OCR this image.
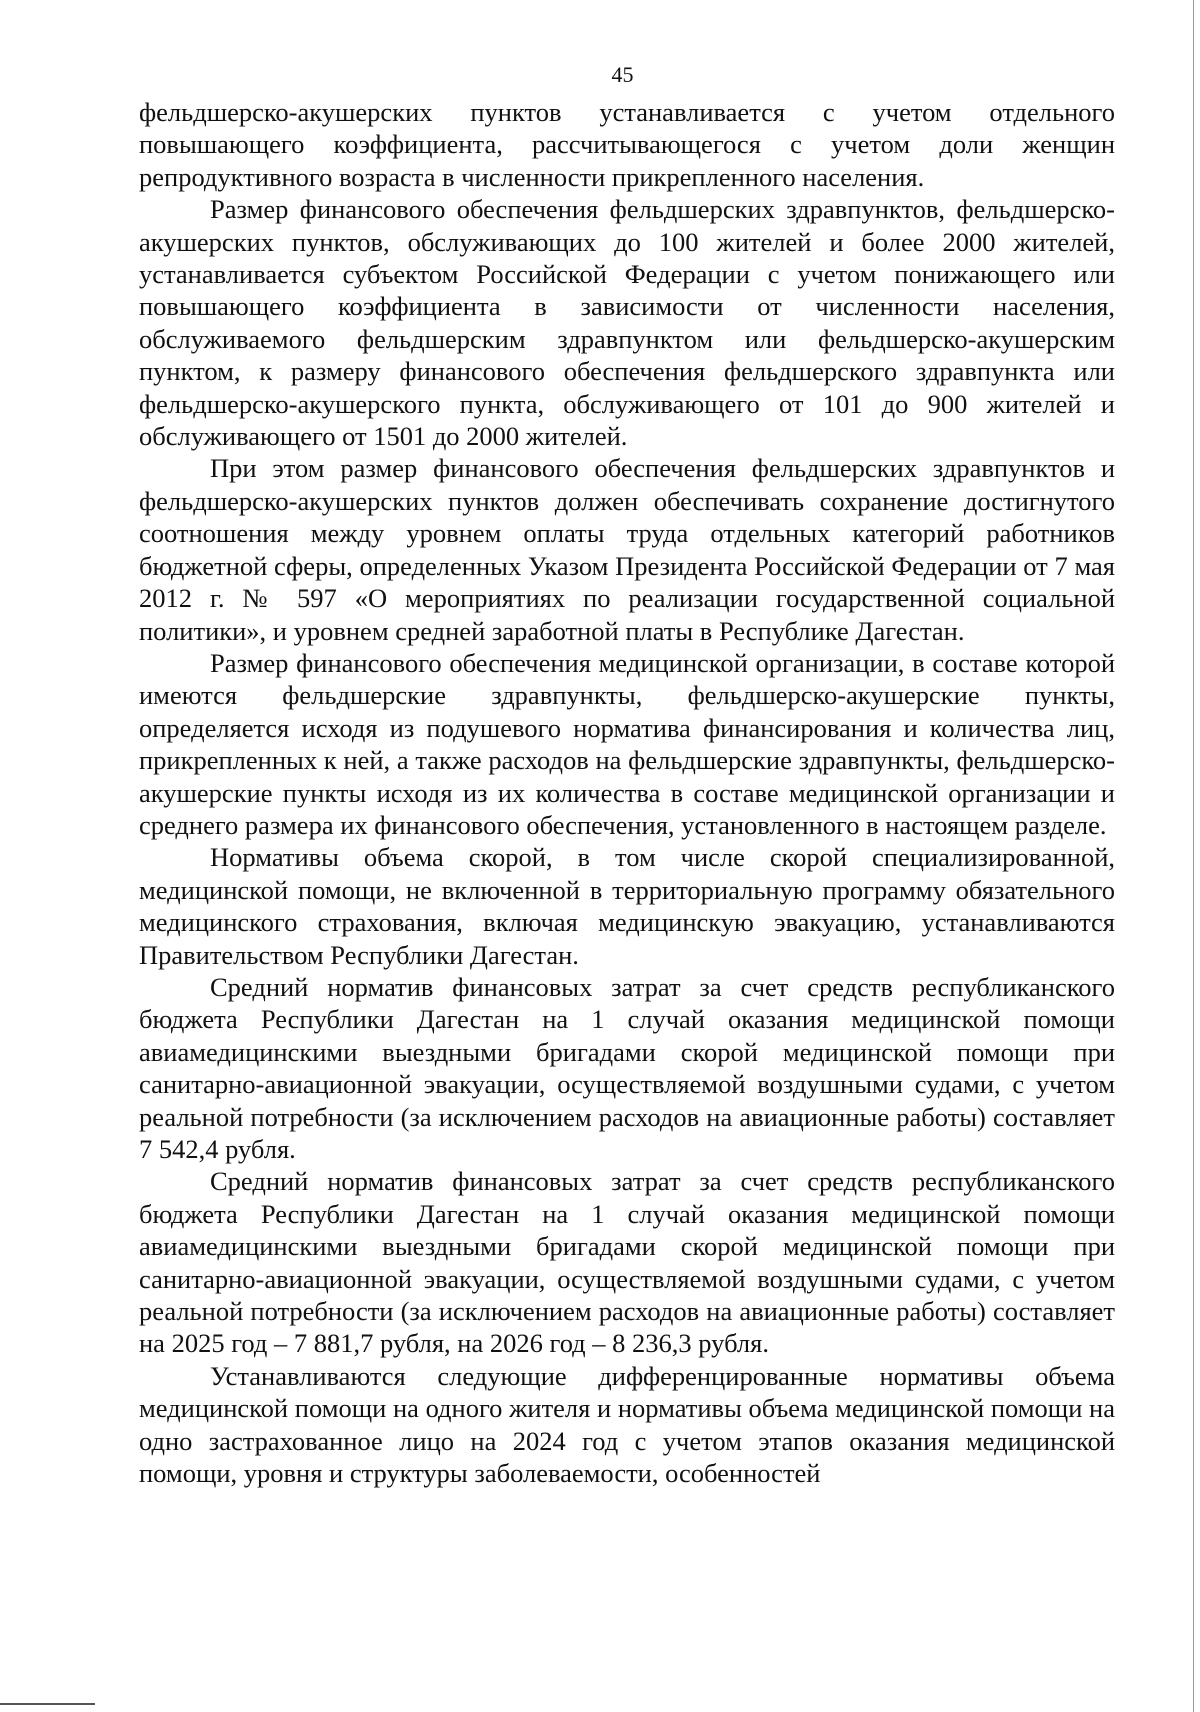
45

фельдшерско-акушерских пунктов устанавливается с учетом отдельного повышающего коэффициента, рассчитывающегося с учетом доли женщин репродуктивного возраста в численности прикрепленного населения.

Размер финансового обеспечения фельдшерских здравпунктов, фельдшерско-акушерских пунктов, обслуживающих до 100 жителей и более 2000 жителей, устанавливается субъектом Российской Федерации с учетом понижающего или повышающего коэффициента в зависимости от численности населения, обслуживаемого фельдшерским здравпунктом или фельдшерско-акушерским пунктом, к размеру финансового обеспечения фельдшерского здравпункта или фельдшерско-акушерского пункта, обслуживающего от 101 до 900 жителей и обслуживающего от 1501 до 2000 жителей.

При этом размер финансового обеспечения фельдшерских здравпунктов и фельдшерско-акушерских пунктов должен обеспечивать сохранение достигнутого соотношения между уровнем оплаты труда отдельных категорий работников бюджетной сферы, определенных Указом Президента Российской Федерации от 7 мая 2012 г. № 597 «О мероприятиях по реализации государственной социальной политики», и уровнем средней заработной платы в Республике Дагестан.

Размер финансового обеспечения медицинской организации, в составе которой имеются фельдшерские здравпункты, фельдшерско-акушерские пункты, определяется исходя из подушевого норматива финансирования и количества лиц, прикрепленных к ней, а также расходов на фельдшерские здравпункты, фельдшерско-акушерские пункты исходя из их количества в составе медицинской организации и среднего размера их финансового обеспечения, установленного в настоящем разделе.

Нормативы объема скорой, в том числе скорой специализированной, медицинской помощи, не включенной в территориальную программу обязательного медицинского страхования, включая медицинскую эвакуацию, устанавливаются Правительством Республики Дагестан.

Средний норматив финансовых затрат за счет средств республиканского бюджета Республики Дагестан на 1 случай оказания медицинской помощи авиамедицинскими выездными бригадами скорой медицинской помощи при санитарно-авиационной эвакуации, осуществляемой воздушными судами, с учетом реальной потребности (за исключением расходов на авиационные работы) составляет 7 542,4 рубля.

Средний норматив финансовых затрат за счет средств республиканского бюджета Республики Дагестан на 1 случай оказания медицинской помощи авиамедицинскими выездными бригадами скорой медицинской помощи при санитарно-авиационной эвакуации, осуществляемой воздушными судами, с учетом реальной потребности (за исключением расходов на авиационные работы) составляет на 2025 год – 7 881,7 рубля, на 2026 год – 8 236,3 рубля.

Устанавливаются следующие дифференцированные нормативы объема медицинской помощи на одного жителя и нормативы объема медицинской помощи на одно застрахованное лицо на 2024 год с учетом этапов оказания медицинской помощи, уровня и структуры заболеваемости, особенностей
